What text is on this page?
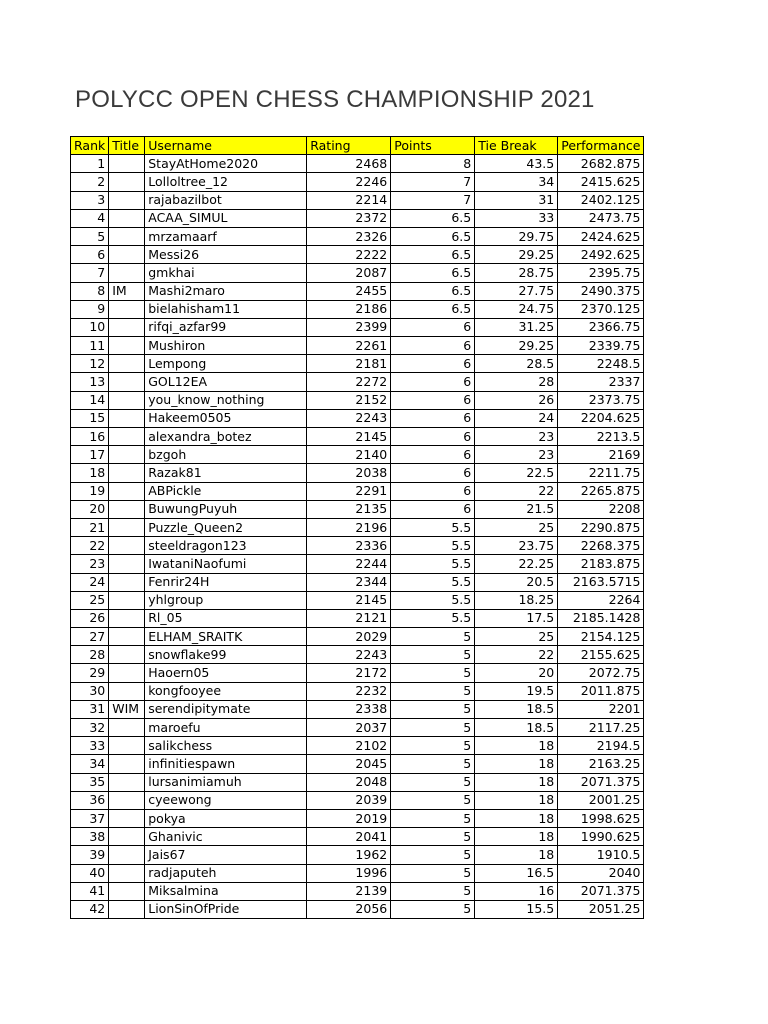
POLYCC OPEN CHESS CHAMPIONSHIP 2021
Rank	Title	Username	Rating	Points	Tie Break	Performance
1		StayAtHome2020	2468	8	43.5	2682.875
2		Lolloltree_12	2246	7	34	2415.625
3		rajabazilbot	2214	7	31	2402.125
4		ACAA_SIMUL	2372	6.5	33	2473.75
5		mrzamaarf	2326	6.5	29.75	2424.625
6		Messi26	2222	6.5	29.25	2492.625
7		gmkhai	2087	6.5	28.75	2395.75
8	IM	Mashi2maro	2455	6.5	27.75	2490.375
9		bielahisham11	2186	6.5	24.75	2370.125
10		rifqi_azfar99	2399	6	31.25	2366.75
11		Mushiron	2261	6	29.25	2339.75
12		Lempong	2181	6	28.5	2248.5
13		GOL12EA	2272	6	28	2337
14		you_know_nothing	2152	6	26	2373.75
15		Hakeem0505	2243	6	24	2204.625
16		alexandra_botez	2145	6	23	2213.5
17		bzgoh	2140	6	23	2169
18		Razak81	2038	6	22.5	2211.75
19		ABPickle	2291	6	22	2265.875
20		BuwungPuyuh	2135	6	21.5	2208
21		Puzzle_Queen2	2196	5.5	25	2290.875
22		steeldragon123	2336	5.5	23.75	2268.375
23		IwataniNaofumi	2244	5.5	22.25	2183.875
24		Fenrir24H	2344	5.5	20.5	2163.5715
25		yhlgroup	2145	5.5	18.25	2264
26		Rl_05	2121	5.5	17.5	2185.1428
27		ELHAM_SRAITK	2029	5	25	2154.125
28		snowflake99	2243	5	22	2155.625
29		Haoern05	2172	5	20	2072.75
30		kongfooyee	2232	5	19.5	2011.875
31	WIM	serendipitymate	2338	5	18.5	2201
32		maroefu	2037	5	18.5	2117.25
33		salikchess	2102	5	18	2194.5
34		infinitiespawn	2045	5	18	2163.25
35		lursanimiamuh	2048	5	18	2071.375
36		cyeewong	2039	5	18	2001.25
37		pokya	2019	5	18	1998.625
38		Ghanivic	2041	5	18	1990.625
39		Jais67	1962	5	18	1910.5
40		radjaputeh	1996	5	16.5	2040
41		Miksalmina	2139	5	16	2071.375
42		LionSinOfPride	2056	5	15.5	2051.25
